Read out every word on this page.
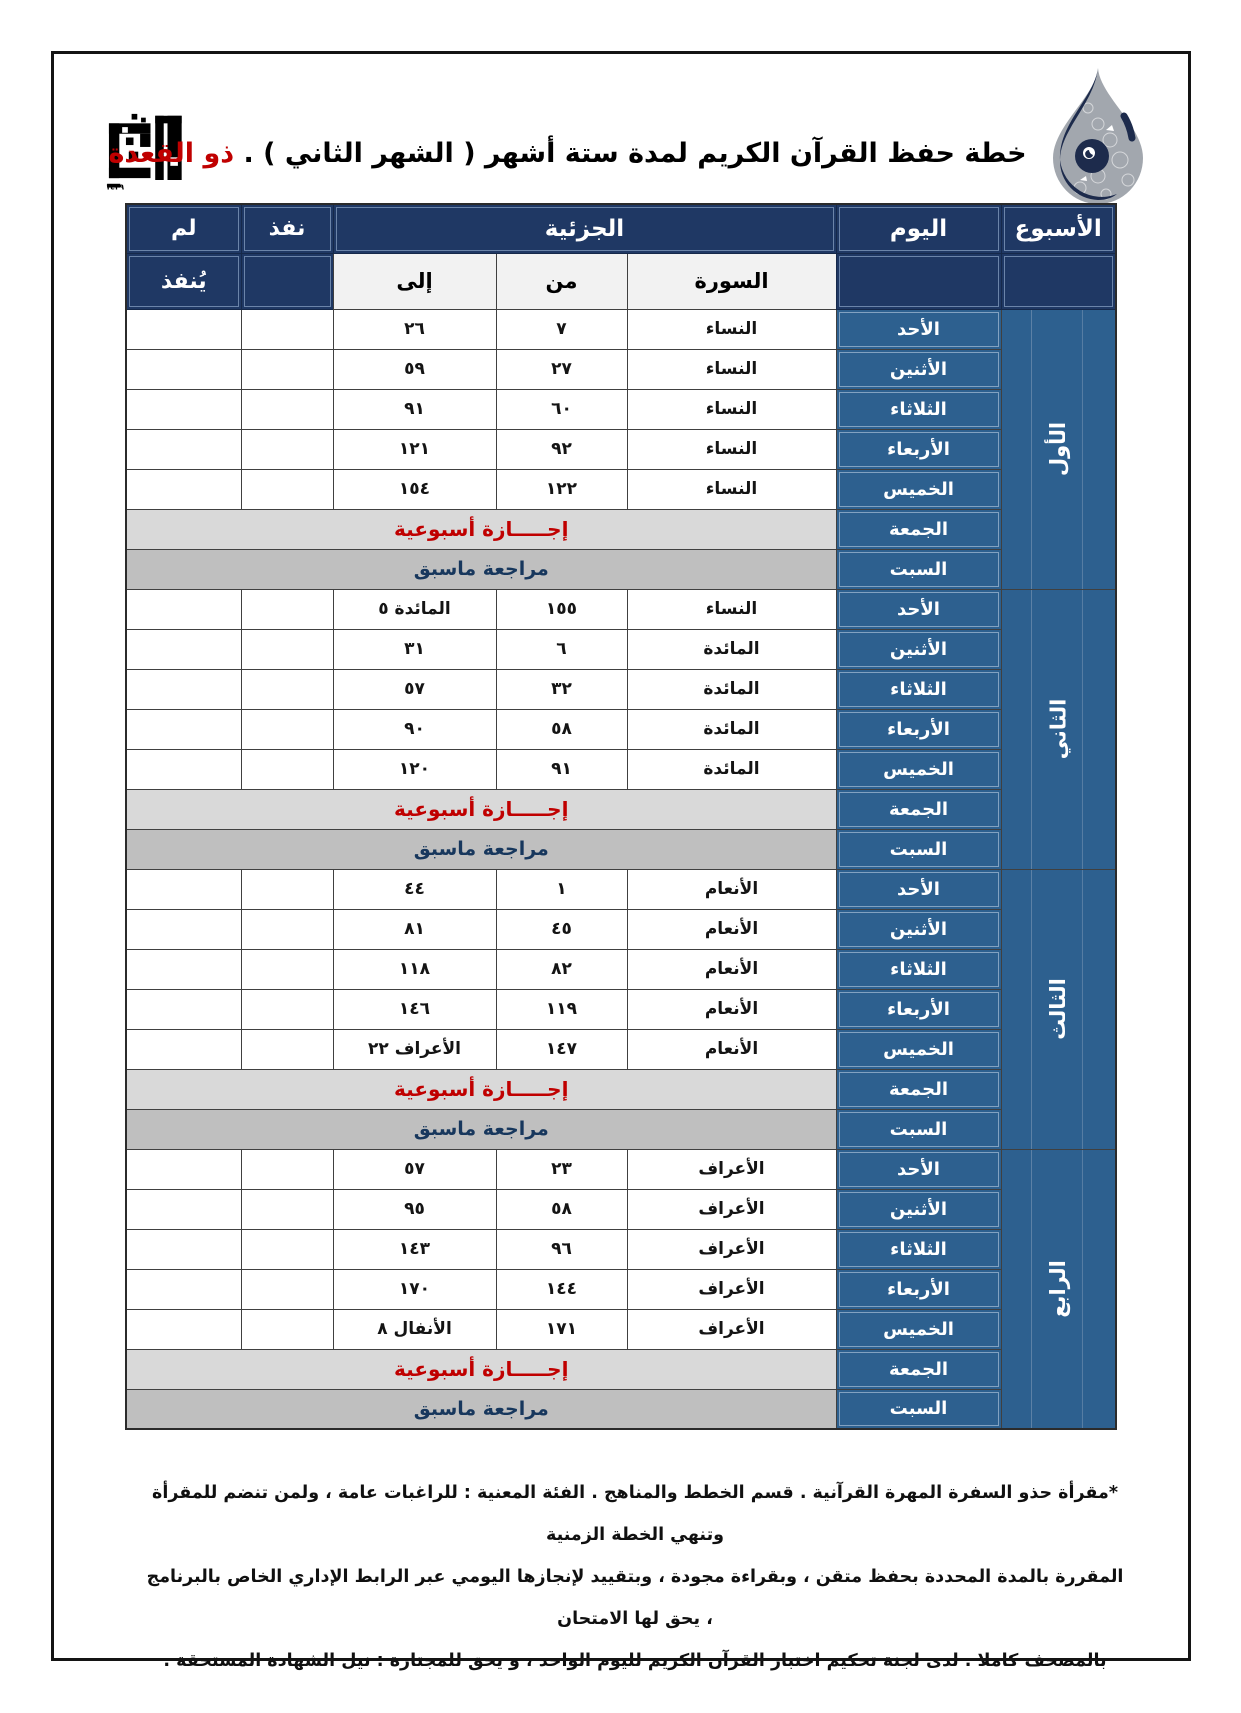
١٤٣٩
خطة حفظ القرآن الكريم لمدة ستة أشهر ( الشهر الثاني ) . ذو القعدة
الأسبوع	اليوم	الجزئية			نفذ	لم
		السورة	من	إلى		يُنفذ
الأول	الأحد	النساء	٧	٢٦		
	الأثنين	النساء	٢٧	٥٩		
	الثلاثاء	النساء	٦٠	٩١		
	الأربعاء	النساء	٩٢	١٢١		
	الخميس	النساء	١٢٢	١٥٤		
	الجمعة	إجـــــازة أسبوعية				
	السبت	مراجعة ماسبق				
الثاني	الأحد	النساء	١٥٥	المائدة ٥		
	الأثنين	المائدة	٦	٣١		
	الثلاثاء	المائدة	٣٢	٥٧		
	الأربعاء	المائدة	٥٨	٩٠		
	الخميس	المائدة	٩١	١٢٠		
	الجمعة	إجـــــازة أسبوعية				
	السبت	مراجعة ماسبق				
الثالث	الأحد	الأنعام	١	٤٤		
	الأثنين	الأنعام	٤٥	٨١		
	الثلاثاء	الأنعام	٨٢	١١٨		
	الأربعاء	الأنعام	١١٩	١٤٦		
	الخميس	الأنعام	١٤٧	الأعراف ٢٢		
	الجمعة	إجـــــازة أسبوعية				
	السبت	مراجعة ماسبق				
الرابع	الأحد	الأعراف	٢٣	٥٧		
	الأثنين	الأعراف	٥٨	٩٥		
	الثلاثاء	الأعراف	٩٦	١٤٣		
	الأربعاء	الأعراف	١٤٤	١٧٠		
	الخميس	الأعراف	١٧١	الأنفال ٨		
	الجمعة	إجـــــازة أسبوعية				
	السبت	مراجعة ماسبق				
*مقرأة حذو السفرة المهرة القرآنية . قسم الخطط والمناهج . الفئة المعنية : للراغبات عامة ، ولمن تنضم للمقرأة وتنهي الخطة الزمنية
المقررة بالمدة المحددة بحفظ متقن ، وبقراءة مجودة ، وبتقييد لإنجازها اليومي عبر الرابط الإداري الخاص بالبرنامج ، يحق لها الامتحان
بالمصحف كاملا . لدى لجنة تحكيم اختبار القرآن الكريم لليوم الواحد ، و يحق للمجتازة : نيل الشهادة المستحقة .
